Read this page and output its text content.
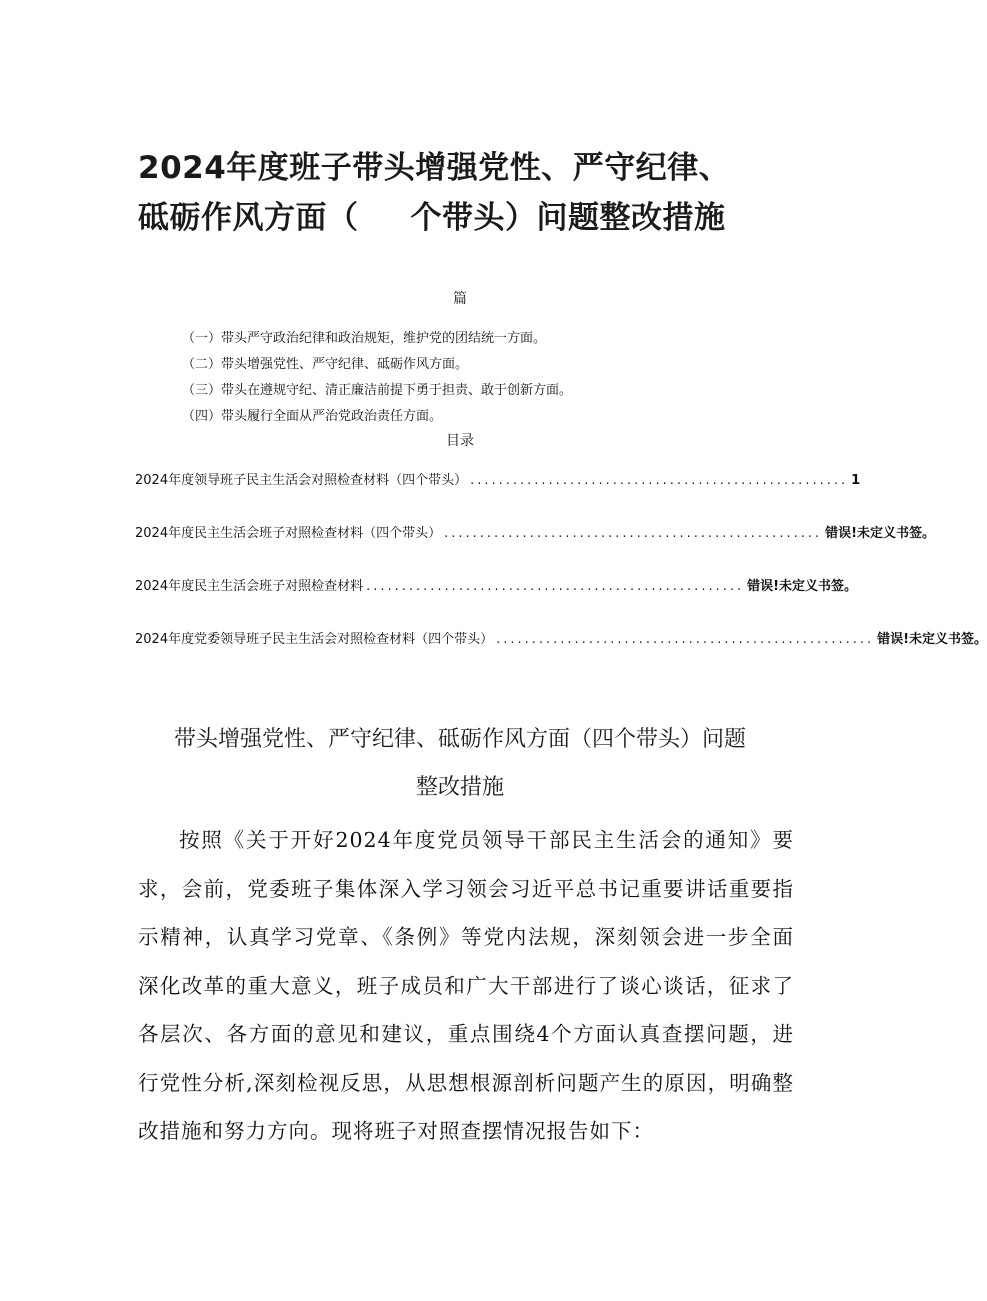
2024年度班子带头增强党性、严守纪律、
砥砺作风方面（ 个带头）问题整改措施
篇
（一）带头严守政治纪律和政治规矩，维护党的团结统一方面。
（二）带头增强党性、严守纪律、砥砺作风方面。
（三）带头在遵规守纪、清正廉洁前提下勇于担责、敢于创新方面。
（四）带头履行全面从严治党政治责任方面。
目录
2024年度领导班子民主生活会对照检查材料（四个带头） ..................................................... 1
2024年度民主生活会班子对照检查材料（四个带头） ..................................................... 错误!未定义书签。
2024年度民主生活会班子对照检查材料 ..................................................... 错误!未定义书签。
2024年度党委领导班子民主生活会对照检查材料（四个带头） ..................................................... 错误!未定义书签。
带头增强党性、严守纪律、砥砺作风方面（四个带头）问题
整改措施

按照《关于开好2024年度党员领导干部民主生活会的通知》要求，会前，党委班子集体深入学习领会习近平总书记重要讲话重要指示精神，认真学习党章、《条例》等党内法规，深刻领会进一步全面深化改革的重大意义，班子成员和广大干部进行了谈心谈话，征求了各层次、各方面的意见和建议，重点围绕4个方面认真查摆问题，进行党性分析,深刻检视反思，从思想根源剖析问题产生的原因，明确整改措施和努力方向。现将班子对照查摆情况报告如下：
